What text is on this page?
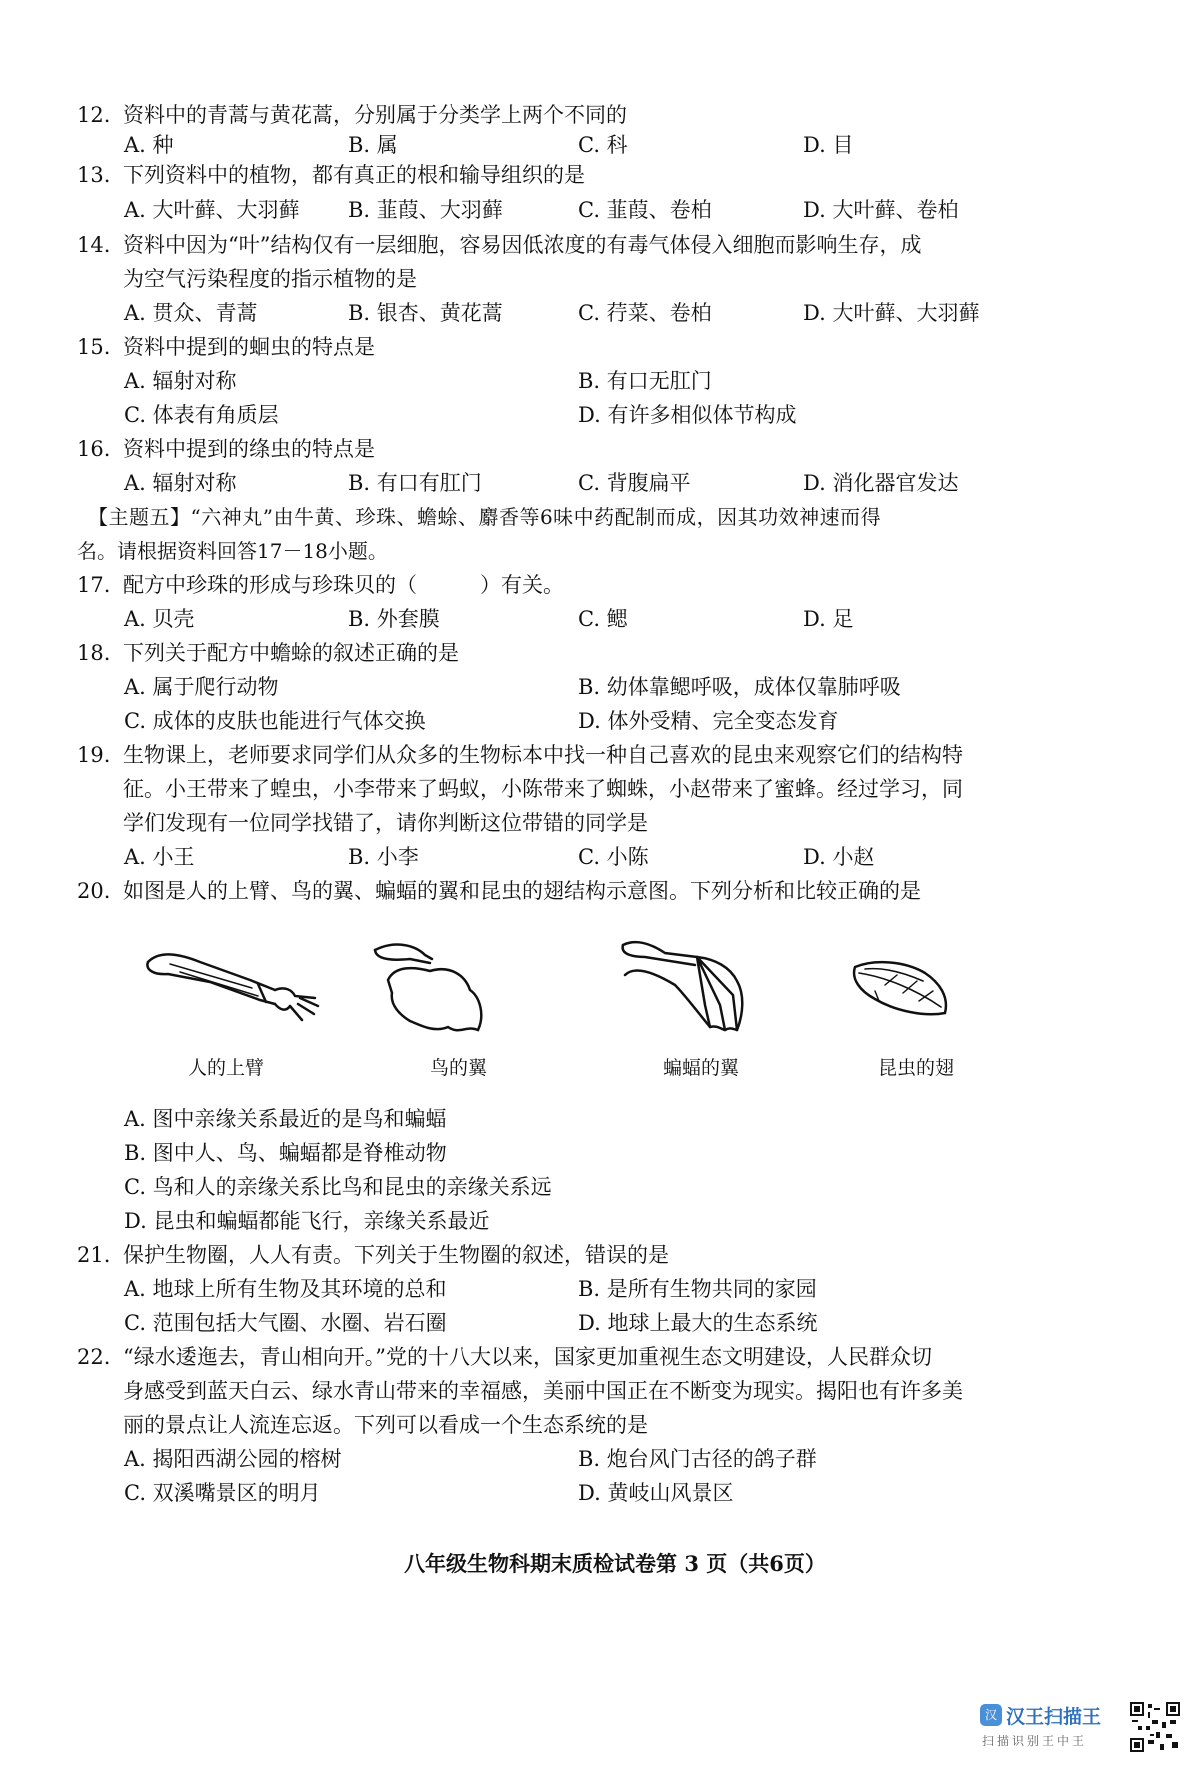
12. 资料中的青蒿与黄花蒿，分别属于分类学上两个不同的
A. 种	B. 属	C. 科	D. 目
13. 下列资料中的植物，都有真正的根和输导组织的是
A. 大叶藓、大羽藓 B. 韮葭、大羽藓	C. 韮葭、卷柏	D. 大叶藓、卷柏
14. 资料中因为“叶”结构仅有一层细胞，容易因低浓度的有毒气体侵入细胞而影响生存，成
为空气污染程度的指示植物的是
A. 贯众、青蒿	B. 银杏、黄花蒿	C. 荇菜、卷柏	D. 大叶藓、大羽藓
15. 资料中提到的蛔虫的特点是
A. 辐射对称	B. 有口无肛门
C. 体表有角质层	D. 有许多相似体节构成
16. 资料中提到的绦虫的特点是
A. 辐射对称	B. 有口有肛门	C. 背腹扁平	D. 消化器官发达
【主题五】“六神丸”由牛黄、珍珠、蟾蜍、麝香等6味中药配制而成，因其功效神速而得
名。请根据资料回答17－18小题。
17. 配方中珍珠的形成与珍珠贝的（　　　）有关。
A. 贝壳	B. 外套膜	C. 鳃	D. 足
18. 下列关于配方中蟾蜍的叙述正确的是
A. 属于爬行动物	B. 幼体靠鳃呼吸，成体仅靠肺呼吸
C. 成体的皮肤也能进行气体交换	D. 体外受精、完全变态发育
19. 生物课上，老师要求同学们从众多的生物标本中找一种自己喜欢的昆虫来观察它们的结构特
征。小王带来了蝗虫，小李带来了蚂蚁，小陈带来了蜘蛛，小赵带来了蜜蜂。经过学习，同
学们发现有一位同学找错了，请你判断这位带错的同学是
A. 小王	B. 小李	C. 小陈	D. 小赵
20. 如图是人的上臂、鸟的翼、蝙蝠的翼和昆虫的翅结构示意图。下列分析和比较正确的是
人的上臂	鸟的翼	蝙蝠的翼	昆虫的翅
A. 图中亲缘关系最近的是鸟和蝙蝠
B. 图中人、鸟、蝙蝠都是脊椎动物
C. 鸟和人的亲缘关系比鸟和昆虫的亲缘关系远
D. 昆虫和蝙蝠都能飞行，亲缘关系最近
21. 保护生物圈，人人有责。下列关于生物圈的叙述，错误的是
A. 地球上所有生物及其环境的总和	B. 是所有生物共同的家园
C. 范围包括大气圈、水圈、岩石圈	D. 地球上最大的生态系统
22. “绿水逶迤去，青山相向开。”党的十八大以来，国家更加重视生态文明建设，人民群众切
身感受到蓝天白云、绿水青山带来的幸福感，美丽中国正在不断变为现实。揭阳也有许多美
丽的景点让人流连忘返。下列可以看成一个生态系统的是
A. 揭阳西湖公园的榕树	B. 炮台风门古径的鸽子群
C. 双溪嘴景区的明月	D. 黄岐山风景区
八年级生物科期末质检试卷第 3 页（共6页）
汉 汉王扫描王
扫描识别王中王
